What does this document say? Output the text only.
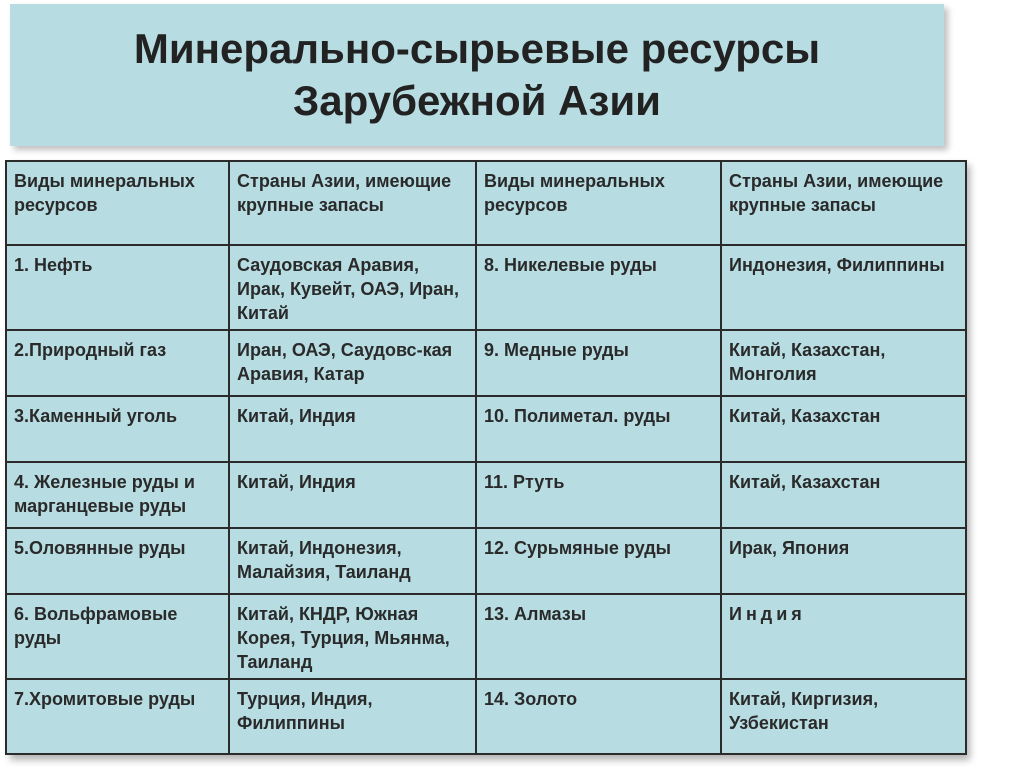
Минерально-сырьевые ресурсы
Зарубежной Азии
Виды минеральных ресурсов	Страны Азии, имеющие крупные запасы	Виды минеральных ресурсов	Страны Азии, имеющие крупные запасы
1. Нефть	Саудовская Аравия, Ирак, Кувейт, ОАЭ, Иран, Китай	8. Никелевые руды	Индонезия, Филиппины
2.Природный газ	Иран, ОАЭ, Саудовс-кая Аравия, Катар	9. Медные руды	Китай, Казахстан, Монголия
3.Каменный уголь	Китай, Индия	10. Полиметал. руды	Китай, Казахстан
4. Железные руды и марганцевые руды	Китай, Индия	11. Ртуть	Китай, Казахстан
5.Оловянные руды	Китай, Индонезия, Малайзия, Таиланд	12. Сурьмяные руды	Ирак, Япония
6. Вольфрамовые руды	Китай, КНДР, Южная Корея, Турция, Мьянма, Таиланд	13. Алмазы	Индия
7.Хромитовые руды	Турция, Индия, Филиппины	14. Золото	Китай, Киргизия, Узбекистан
